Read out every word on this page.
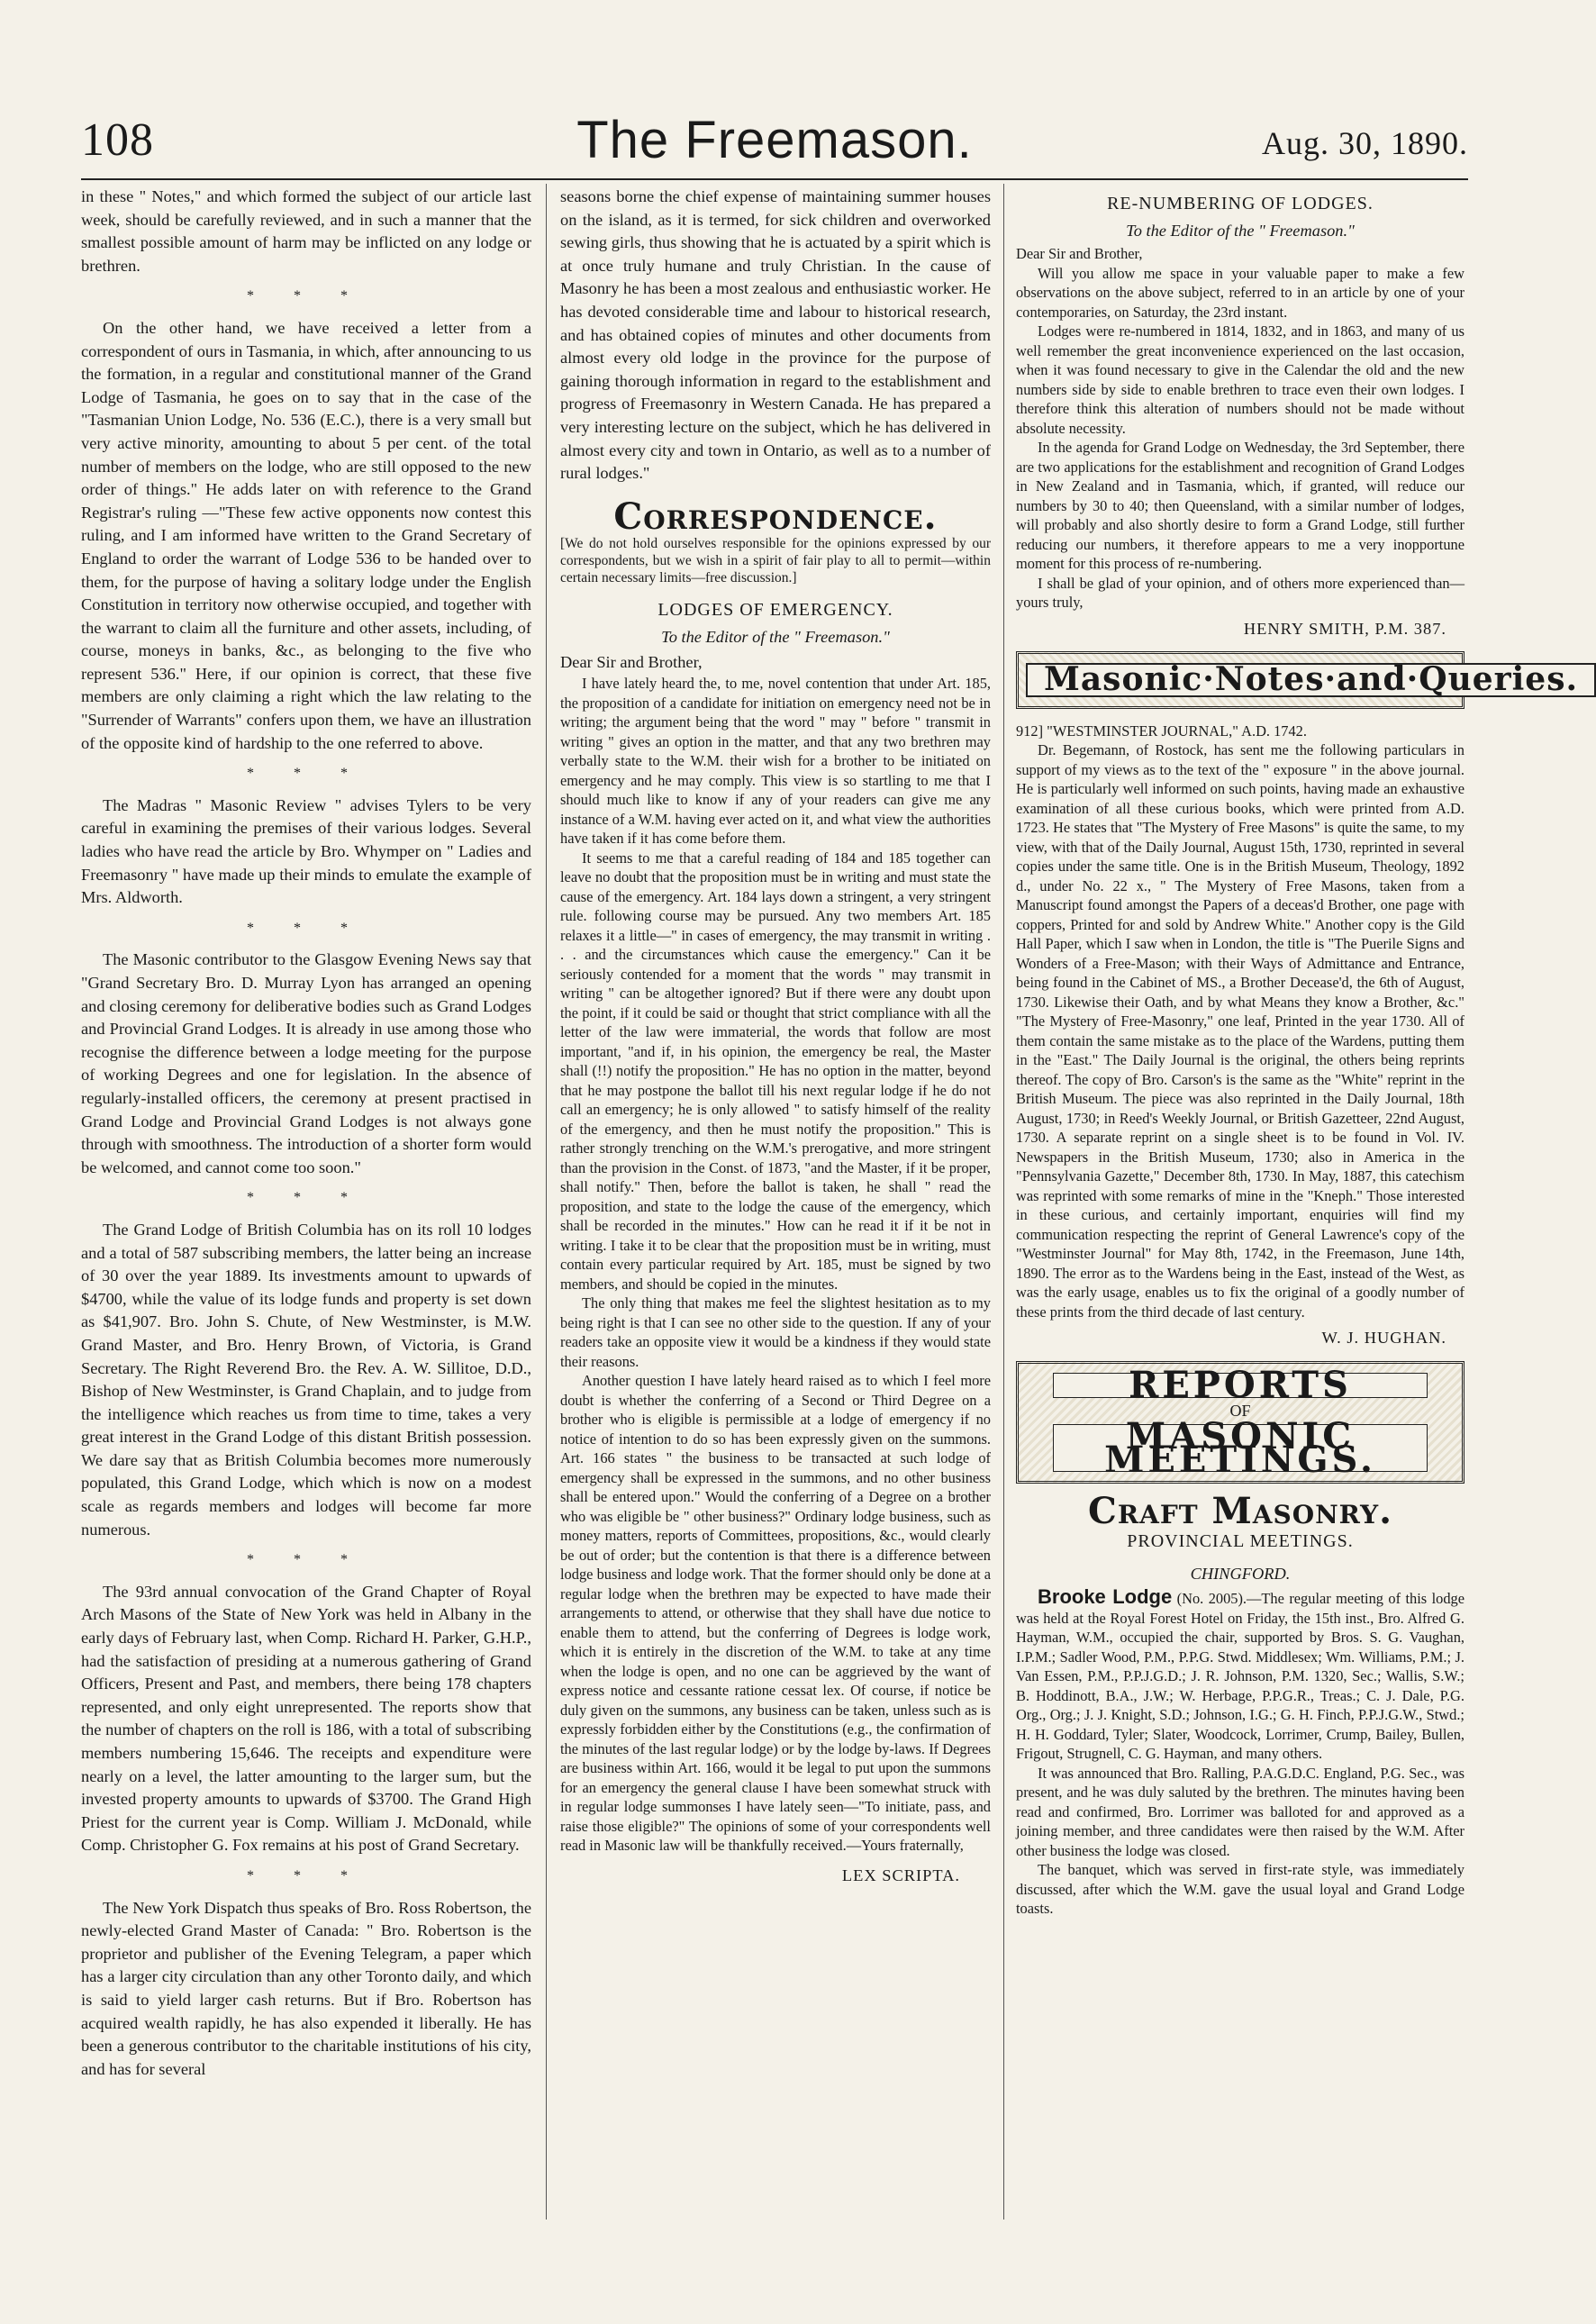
108	The Freemason.	Aug. 30, 1890.

in these " Notes," and which formed the subject of our article last week, should be carefully reviewed, and in such a manner that the smallest possible amount of harm may be inflicted on any lodge or brethren.

* * *

On the other hand, we have received a letter from a correspondent of ours in Tasmania, in which, after announcing to us the formation, in a regular and constitutional manner of the Grand Lodge of Tasmania, he goes on to say that in the case of the "Tasmanian Union Lodge, No. 536 (E.C.), there is a very small but very active minority, amounting to about 5 per cent. of the total number of members on the lodge, who are still opposed to the new order of things." He adds later on with reference to the Grand Registrar's ruling —"These few active opponents now contest this ruling, and I am informed have written to the Grand Secretary of England to order the warrant of Lodge 536 to be handed over to them, for the purpose of having a solitary lodge under the English Constitution in territory now otherwise occupied, and together with the warrant to claim all the furniture and other assets, including, of course, moneys in banks, &c., as belonging to the five who represent 536." Here, if our opinion is correct, that these five members are only claiming a right which the law relating to the "Surrender of Warrants" confers upon them, we have an illustration of the opposite kind of hardship to the one referred to above.

* * *

The Madras " Masonic Review " advises Tylers to be very careful in examining the premises of their various lodges. Several ladies who have read the article by Bro. Whymper on " Ladies and Freemasonry " have made up their minds to emulate the example of Mrs. Aldworth.

* * *

The Masonic contributor to the Glasgow Evening News say that "Grand Secretary Bro. D. Murray Lyon has arranged an opening and closing ceremony for deliberative bodies such as Grand Lodges and Provincial Grand Lodges. It is already in use among those who recognise the difference between a lodge meeting for the purpose of working Degrees and one for legislation. In the absence of regularly-installed officers, the ceremony at present practised in Grand Lodge and Provincial Grand Lodges is not always gone through with smoothness. The introduction of a shorter form would be welcomed, and cannot come too soon."

* * *

The Grand Lodge of British Columbia has on its roll 10 lodges and a total of 587 subscribing members, the latter being an increase of 30 over the year 1889. Its investments amount to upwards of $4700, while the value of its lodge funds and property is set down as $41,907. Bro. John S. Chute, of New Westminster, is M.W. Grand Master, and Bro. Henry Brown, of Victoria, is Grand Secretary. The Right Reverend Bro. the Rev. A. W. Sillitoe, D.D., Bishop of New Westminster, is Grand Chaplain, and to judge from the intelligence which reaches us from time to time, takes a very great interest in the Grand Lodge of this distant British possession. We dare say that as British Columbia becomes more numerously populated, this Grand Lodge, which which is now on a modest scale as regards members and lodges will become far more numerous.

* * *

The 93rd annual convocation of the Grand Chapter of Royal Arch Masons of the State of New York was held in Albany in the early days of February last, when Comp. Richard H. Parker, G.H.P., had the satisfaction of presiding at a numerous gathering of Grand Officers, Present and Past, and members, there being 178 chapters represented, and only eight unrepresented. The reports show that the number of chapters on the roll is 186, with a total of subscribing members numbering 15,646. The receipts and expenditure were nearly on a level, the latter amounting to the larger sum, but the invested property amounts to upwards of $3700. The Grand High Priest for the current year is Comp. William J. McDonald, while Comp. Christopher G. Fox remains at his post of Grand Secretary.

* * *

The New York Dispatch thus speaks of Bro. Ross Robertson, the newly-elected Grand Master of Canada: " Bro. Robertson is the proprietor and publisher of the Evening Telegram, a paper which has a larger city circulation than any other Toronto daily, and which is said to yield larger cash returns. But if Bro. Robertson has acquired wealth rapidly, he has also expended it liberally. He has been a generous contributor to the charitable institutions of his city, and has for several

seasons borne the chief expense of maintaining summer houses on the island, as it is termed, for sick children and overworked sewing girls, thus showing that he is actuated by a spirit which is at once truly humane and truly Christian. In the cause of Masonry he has been a most zealous and enthusiastic worker. He has devoted considerable time and labour to historical research, and has obtained copies of minutes and other documents from almost every old lodge in the province for the purpose of gaining thorough information in regard to the establishment and progress of Freemasonry in Western Canada. He has prepared a very interesting lecture on the subject, which he has delivered in almost every city and town in Ontario, as well as to a number of rural lodges."

Correspondence.

[We do not hold ourselves responsible for the opinions expressed by our correspondents, but we wish in a spirit of fair play to all to permit—within certain necessary limits—free discussion.]

LODGES OF EMERGENCY.
To the Editor of the " Freemason."

Dear Sir and Brother,

I have lately heard the, to me, novel contention that under Art. 185, the proposition of a candidate for initiation on emergency need not be in writing; the argument being that the word " may " before " transmit in writing " gives an option in the matter, and that any two brethren may verbally state to the W.M. their wish for a brother to be initiated on emergency and he may comply. This view is so startling to me that I should much like to know if any of your readers can give me any instance of a W.M. having ever acted on it, and what view the authorities have taken if it has come before them.

It seems to me that a careful reading of 184 and 185 together can leave no doubt that the proposition must be in writing and must state the cause of the emergency. Art. 184 lays down a stringent, a very stringent rule. following course may be pursued. Any two members Art. 185 relaxes it a little—" in cases of emergency, the may transmit in writing . . . and the circumstances which cause the emergency." Can it be seriously contended for a moment that the words " may transmit in writing " can be altogether ignored? But if there were any doubt upon the point, if it could be said or thought that strict compliance with all the letter of the law were immaterial, the words that follow are most important, "and if, in his opinion, the emergency be real, the Master shall (!!) notify the proposition." He has no option in the matter, beyond that he may postpone the ballot till his next regular lodge if he do not call an emergency; he is only allowed " to satisfy himself of the reality of the emergency, and then he must notify the proposition." This is rather strongly trenching on the W.M.'s prerogative, and more stringent than the provision in the Const. of 1873, "and the Master, if it be proper, shall notify." Then, before the ballot is taken, he shall " read the proposition, and state to the lodge the cause of the emergency, which shall be recorded in the minutes." How can he read it if it be not in writing. I take it to be clear that the proposition must be in writing, must contain every particular required by Art. 185, must be signed by two members, and should be copied in the minutes.

The only thing that makes me feel the slightest hesitation as to my being right is that I can see no other side to the question. If any of your readers take an opposite view it would be a kindness if they would state their reasons.

Another question I have lately heard raised as to which I feel more doubt is whether the conferring of a Second or Third Degree on a brother who is eligible is permissible at a lodge of emergency if no notice of intention to do so has been expressly given on the summons. Art. 166 states " the business to be transacted at such lodge of emergency shall be expressed in the summons, and no other business shall be entered upon." Would the conferring of a Degree on a brother who was eligible be " other business?" Ordinary lodge business, such as money matters, reports of Committees, propositions, &c., would clearly be out of order; but the contention is that there is a difference between lodge business and lodge work. That the former should only be done at a regular lodge when the brethren may be expected to have made their arrangements to attend, or otherwise that they shall have due notice to enable them to attend, but the conferring of Degrees is lodge work, which it is entirely in the discretion of the W.M. to take at any time when the lodge is open, and no one can be aggrieved by the want of express notice and cessante ratione cessat lex. Of course, if notice be duly given on the summons, any business can be taken, unless such as is expressly forbidden either by the Constitutions (e.g., the confirmation of the minutes of the last regular lodge) or by the lodge by-laws. If Degrees are business within Art. 166, would it be legal to put upon the summons for an emergency the general clause I have been somewhat struck with in regular lodge summonses I have lately seen—"To initiate, pass, and raise those eligible?" The opinions of some of your correspondents well read in Masonic law will be thankfully received.—Yours fraternally,

LEX SCRIPTA.
RE-NUMBERING OF LODGES.
To the Editor of the " Freemason."

Dear Sir and Brother,

Will you allow me space in your valuable paper to make a few observations on the above subject, referred to in an article by one of your contemporaries, on Saturday, the 23rd instant.

Lodges were re-numbered in 1814, 1832, and in 1863, and many of us well remember the great inconvenience experienced on the last occasion, when it was found necessary to give in the Calendar the old and the new numbers side by side to enable brethren to trace even their own lodges. I therefore think this alteration of numbers should not be made without absolute necessity.

In the agenda for Grand Lodge on Wednesday, the 3rd September, there are two applications for the establishment and recognition of Grand Lodges in New Zealand and in Tasmania, which, if granted, will reduce our numbers by 30 to 40; then Queensland, with a similar number of lodges, will probably and also shortly desire to form a Grand Lodge, still further reducing our numbers, it therefore appears to me a very inopportune moment for this process of re-numbering.

I shall be glad of your opinion, and of others more experienced than—yours truly,

HENRY SMITH, P.M. 387.
Masonic·Notes·and·Queries.

912] "WESTMINSTER JOURNAL," A.D. 1742.

Dr. Begemann, of Rostock, has sent me the following particulars in support of my views as to the text of the " exposure " in the above journal. He is particularly well informed on such points, having made an exhaustive examination of all these curious books, which were printed from A.D. 1723. He states that "The Mystery of Free Masons" is quite the same, to my view, with that of the Daily Journal, August 15th, 1730, reprinted in several copies under the same title. One is in the British Museum, Theology, 1892 d., under No. 22 x., " The Mystery of Free Masons, taken from a Manuscript found amongst the Papers of a deceas'd Brother, one page with coppers, Printed for and sold by Andrew White." Another copy is the Gild Hall Paper, which I saw when in London, the title is "The Puerile Signs and Wonders of a Free-Mason; with their Ways of Admittance and Entrance, being found in the Cabinet of MS., a Brother Decease'd, the 6th of August, 1730. Likewise their Oath, and by what Means they know a Brother, &c." "The Mystery of Free-Masonry," one leaf, Printed in the year 1730. All of them contain the same mistake as to the place of the Wardens, putting them in the "East." The Daily Journal is the original, the others being reprints thereof. The copy of Bro. Carson's is the same as the "White" reprint in the British Museum. The piece was also reprinted in the Daily Journal, 18th August, 1730; in Reed's Weekly Journal, or British Gazetteer, 22nd August, 1730. A separate reprint on a single sheet is to be found in Vol. IV. Newspapers in the British Museum, 1730; also in America in the "Pennsylvania Gazette," December 8th, 1730. In May, 1887, this catechism was reprinted with some remarks of mine in the "Kneph." Those interested in these curious, and certainly important, enquiries will find my communication respecting the reprint of General Lawrence's copy of the "Westminster Journal" for May 8th, 1742, in the Freemason, June 14th, 1890. The error as to the Wardens being in the East, instead of the West, as was the early usage, enables us to fix the original of a goodly number of these prints from the third decade of last century.

W. J. HUGHAN.
REPORTS
OF
MASONIC MEETINGS.
Craft Masonry.
PROVINCIAL MEETINGS.
CHINGFORD.

Brooke Lodge (No. 2005).—The regular meeting of this lodge was held at the Royal Forest Hotel on Friday, the 15th inst., Bro. Alfred G. Hayman, W.M., occupied the chair, supported by Bros. S. G. Vaughan, I.P.M.; Sadler Wood, P.M., P.P.G. Stwd. Middlesex; Wm. Williams, P.M.; J. Van Essen, P.M., P.P.J.G.D.; J. R. Johnson, P.M. 1320, Sec.; Wallis, S.W.; B. Hoddinott, B.A., J.W.; W. Herbage, P.P.G.R., Treas.; C. J. Dale, P.G. Org., Org.; J. J. Knight, S.D.; Johnson, I.G.; G. H. Finch, P.P.J.G.W., Stwd.; H. H. Goddard, Tyler; Slater, Woodcock, Lorrimer, Crump, Bailey, Bullen, Frigout, Strugnell, C. G. Hayman, and many others.

It was announced that Bro. Ralling, P.A.G.D.C. England, P.G. Sec., was present, and he was duly saluted by the brethren. The minutes having been read and confirmed, Bro. Lorrimer was balloted for and approved as a joining member, and three candidates were then raised by the W.M. After other business the lodge was closed.

The banquet, which was served in first-rate style, was immediately discussed, after which the W.M. gave the usual loyal and Grand Lodge toasts.
